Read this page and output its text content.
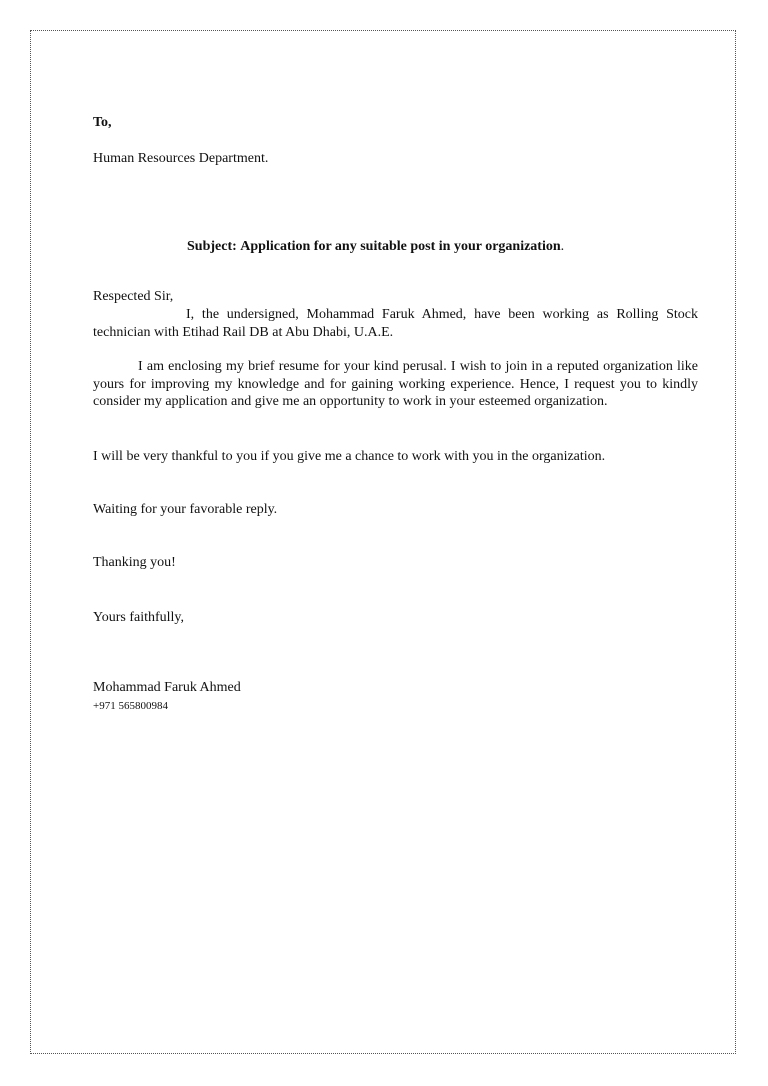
To,
Human Resources Department.
Subject: Application for any suitable post in your organization.
Respected Sir,
I, the undersigned, Mohammad Faruk Ahmed, have been working as Rolling Stock technician with Etihad Rail DB at Abu Dhabi, U.A.E.
I am enclosing my brief resume for your kind perusal. I wish to join in a reputed organization like yours for improving my knowledge and for gaining working experience. Hence, I request you to kindly consider my application and give me an opportunity to work in your esteemed organization.
I will be very thankful to you if you give me a chance to work with you in the organization.
Waiting for your favorable reply.
Thanking you!
Yours faithfully,
Mohammad Faruk Ahmed
+971 565800984
